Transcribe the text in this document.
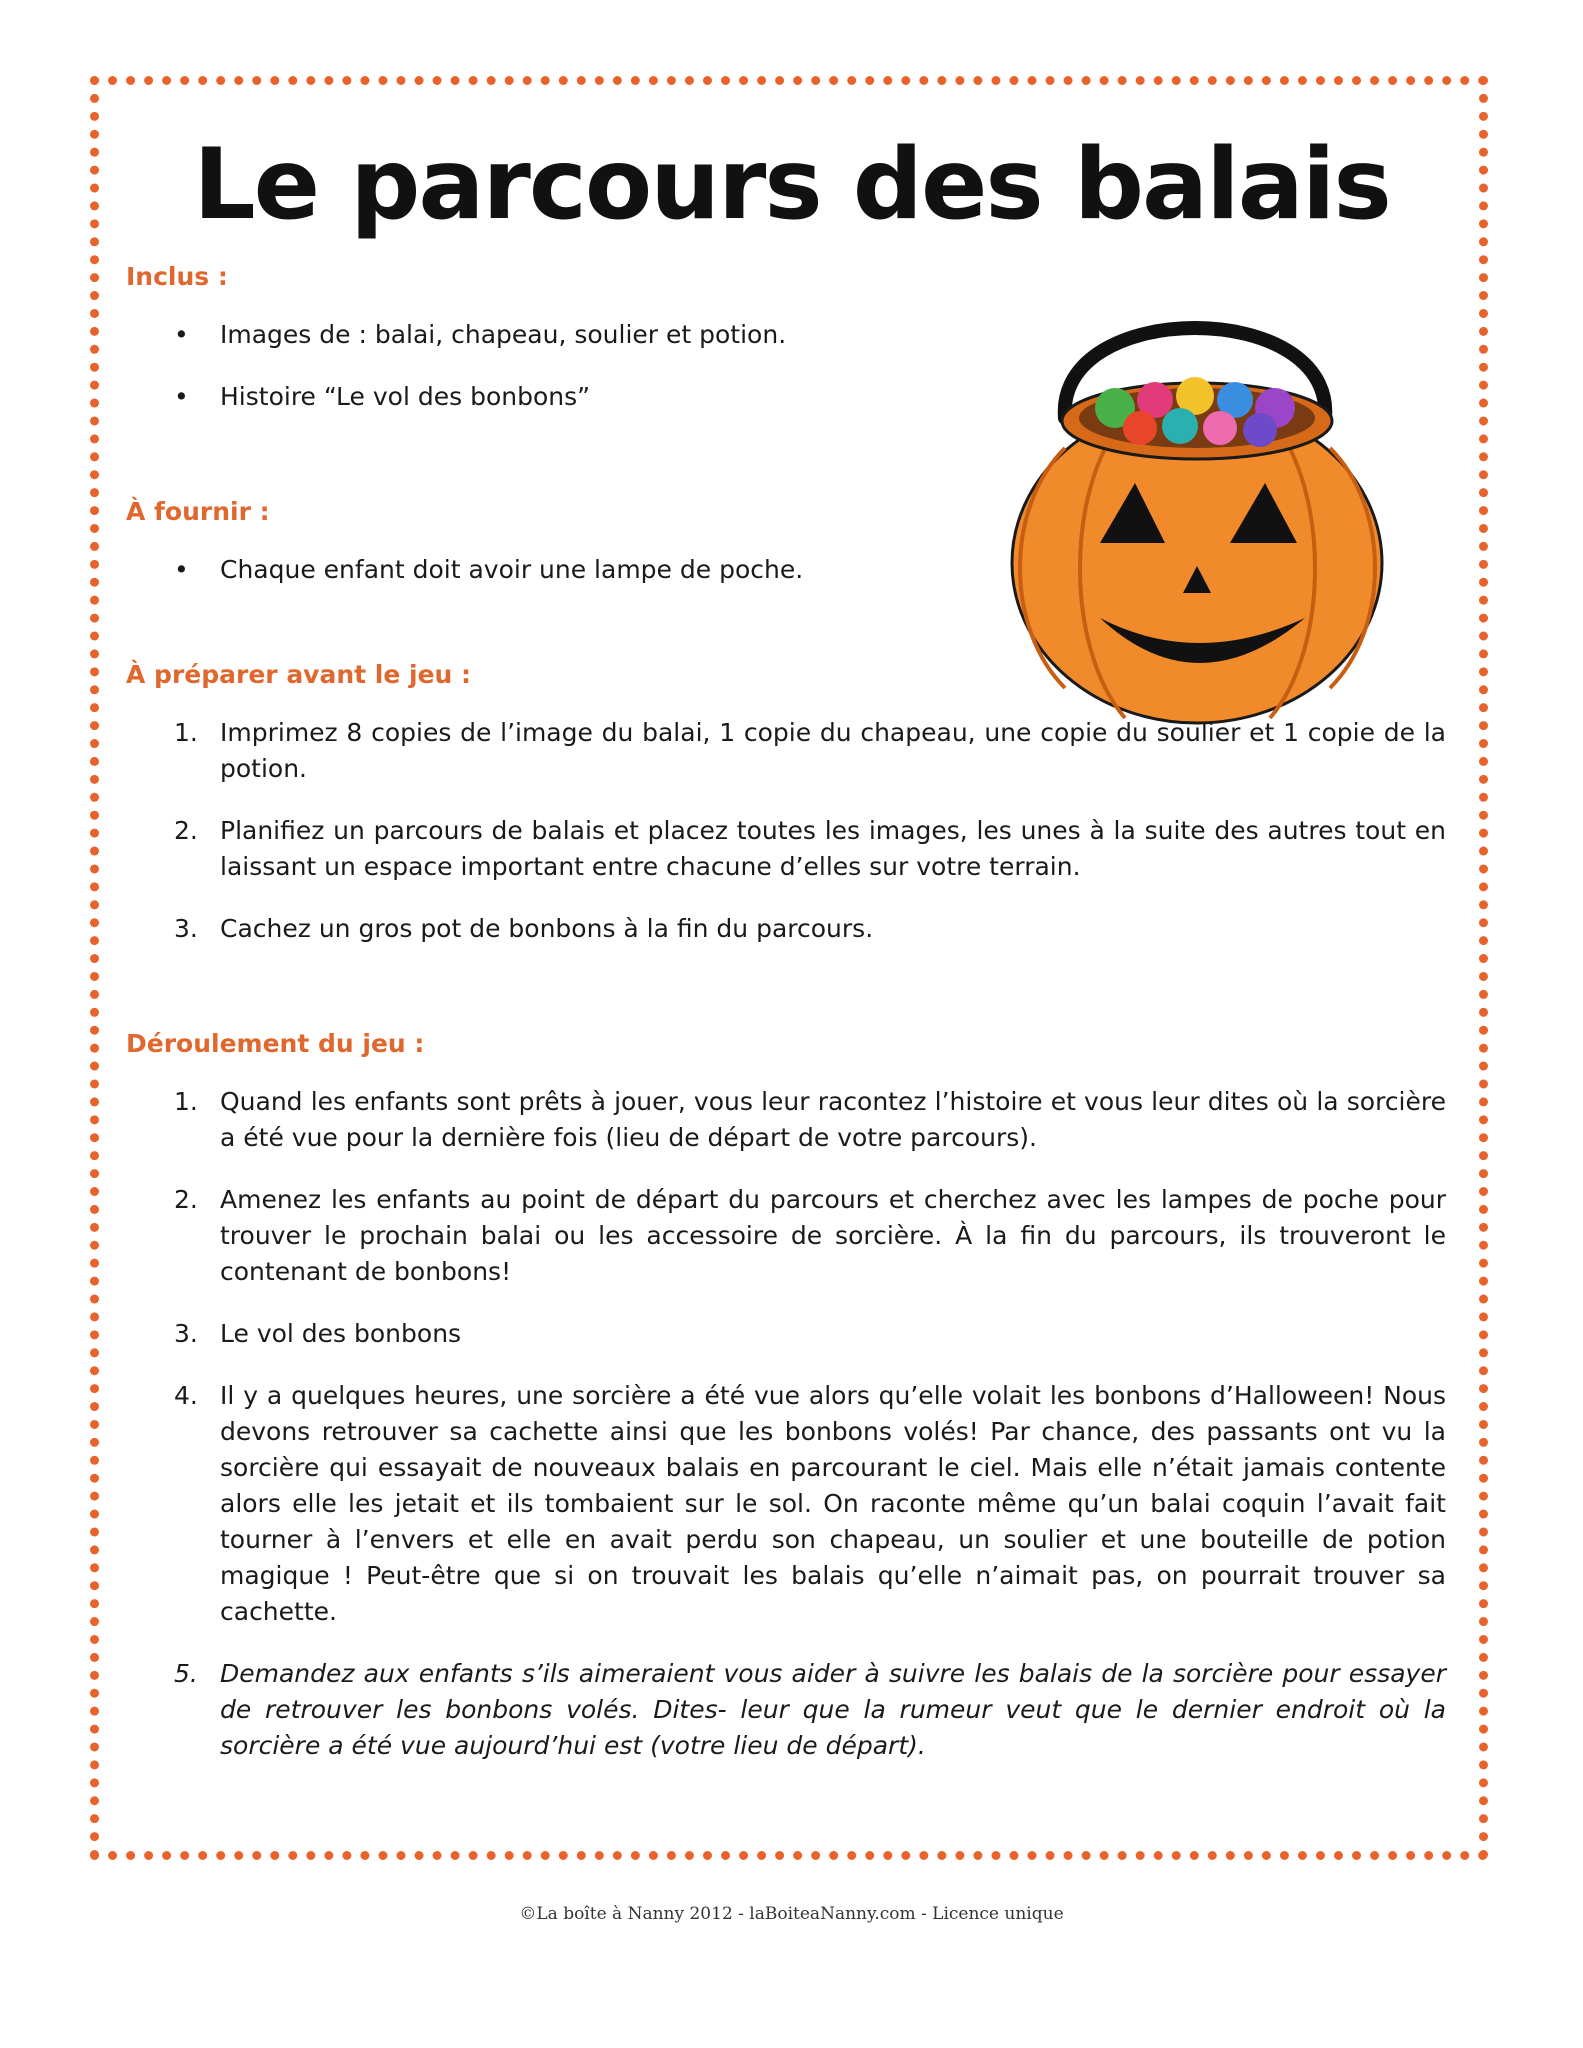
Le parcours des balais

Inclus :

• Images de : balai, chapeau, soulier et potion.
• Histoire “Le vol des bonbons”

À fournir :

• Chaque enfant doit avoir une lampe de poche.

À préparer avant le jeu :

1. Imprimez 8 copies de l’image du balai, 1 copie du chapeau, une copie du soulier et 1 copie de la potion.
2. Planifiez un parcours de balais et placez toutes les images, les unes à la suite des autres tout en laissant un espace important entre chacune d’elles sur votre terrain.
3. Cachez un gros pot de bonbons à la fin du parcours.

Déroulement du jeu :

1. Quand les enfants sont prêts à jouer, vous leur racontez l’histoire et vous leur dites où la sorcière a été vue pour la dernière fois (lieu de départ de votre parcours).
2. Amenez les enfants au point de départ du parcours et cherchez avec les lampes de poche pour trouver le prochain balai ou les accessoire de sorcière. À la fin du parcours, ils trouveront le contenant de bonbons!
3. Le vol des bonbons
4. Il y a quelques heures, une sorcière a été vue alors qu’elle volait les bonbons d’Halloween! Nous devons retrouver sa cachette ainsi que les bonbons volés! Par chance, des passants ont vu la sorcière qui essayait de nouveaux balais en parcourant le ciel. Mais elle n’était jamais contente alors elle les jetait et ils tombaient sur le sol. On raconte même qu’un balai coquin l’avait fait tourner à l’envers et elle en avait perdu son chapeau, un soulier et une bouteille de potion magique ! Peut-être que si on trouvait les balais qu’elle n’aimait pas, on pourrait trouver sa cachette.
5. Demandez aux enfants s’ils aimeraient vous aider à suivre les balais de la sorcière pour essayer de retrouver les bonbons volés. Dites- leur que la rumeur veut que le dernier endroit où la sorcière a été vue aujourd’hui est (votre lieu de départ).
©La boîte à Nanny 2012 - laBoiteaNanny.com - Licence unique
